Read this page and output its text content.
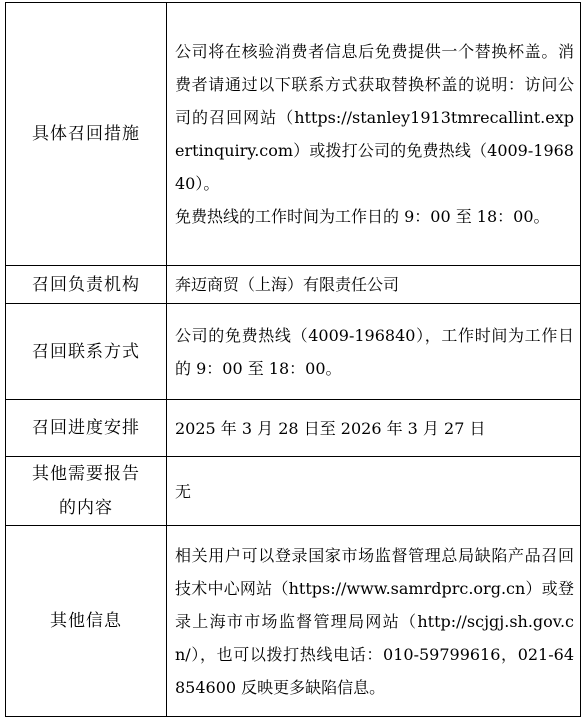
具体召回措施	公司将在核验消费者信息后免费提供一个替换杯盖。消费者请通过以下联系方式获取替换杯盖的说明：访问公司的召回网站（https://stanley1913tmrecallint.expertinquiry.com）或拨打公司的免费热线（4009-196840）。

免费热线的工作时间为工作日的 9：00 至 18：00。

召回负责机构	奔迈商贸（上海）有限责任公司
召回联系方式	公司的免费热线（4009-196840），工作时间为工作日的 9：00 至 18：00。
召回进度安排	2025 年 3 月 28 日至 2026 年 3 月 27 日
其他需要报告的内容	无
其他信息	相关用户可以登录国家市场监督管理总局缺陷产品召回技术中心网站（https://www.samrdprc.org.cn）或登录上海市市场监督管理局网站（http://scjgj.sh.gov.cn/），也可以拨打热线电话：010-59799616，021-64854600 反映更多缺陷信息。
